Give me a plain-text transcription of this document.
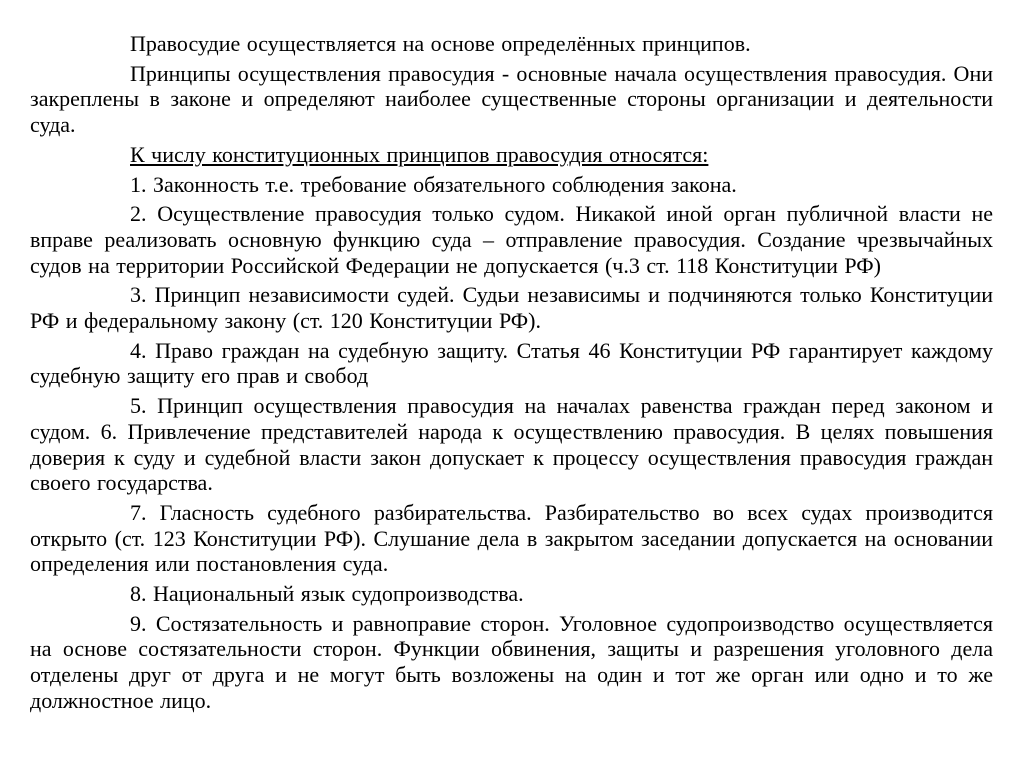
Правосудие осуществляется на основе определённых принципов.

Принципы осуществления правосудия - основные начала осуществления правосудия. Они закреплены в законе и определяют наиболее существенные стороны организации и деятельности суда.

К числу конституционных принципов правосудия относятся:

1. Законность т.е. требование обязательного соблюдения закона.

2. Осуществление правосудия только судом. Никакой иной орган публичной власти не вправе реализовать основную функцию суда – отправление правосудия. Создание чрезвычайных судов на территории Российской Федерации не допускается (ч.3 ст. 118 Конституции РФ)

3. Принцип независимости судей. Судьи независимы и подчиняются только Конституции РФ и федеральному закону (ст. 120 Конституции РФ).

4. Право граждан на судебную защиту. Статья 46 Конституции РФ гарантирует каждому судебную защиту его прав и свобод

5. Принцип осуществления правосудия на началах равенства граждан перед законом и судом. 6. Привлечение представителей народа к осуществлению правосудия. В целях повышения доверия к суду и судебной власти закон допускает к процессу осуществления правосудия граждан своего государства.

7. Гласность судебного разбирательства. Разбирательство во всех судах производится открыто (ст. 123 Конституции РФ). Слушание дела в закрытом заседании допускается на основании определения или постановления суда.

8. Национальный язык судопроизводства.

9. Состязательность и равноправие сторон. Уголовное судопроизводство осуществляется на основе состязательности сторон. Функции обвинения, защиты и разрешения уголовного дела отделены друг от друга и не могут быть возложены на один и тот же орган или одно и то же должностное лицо.
